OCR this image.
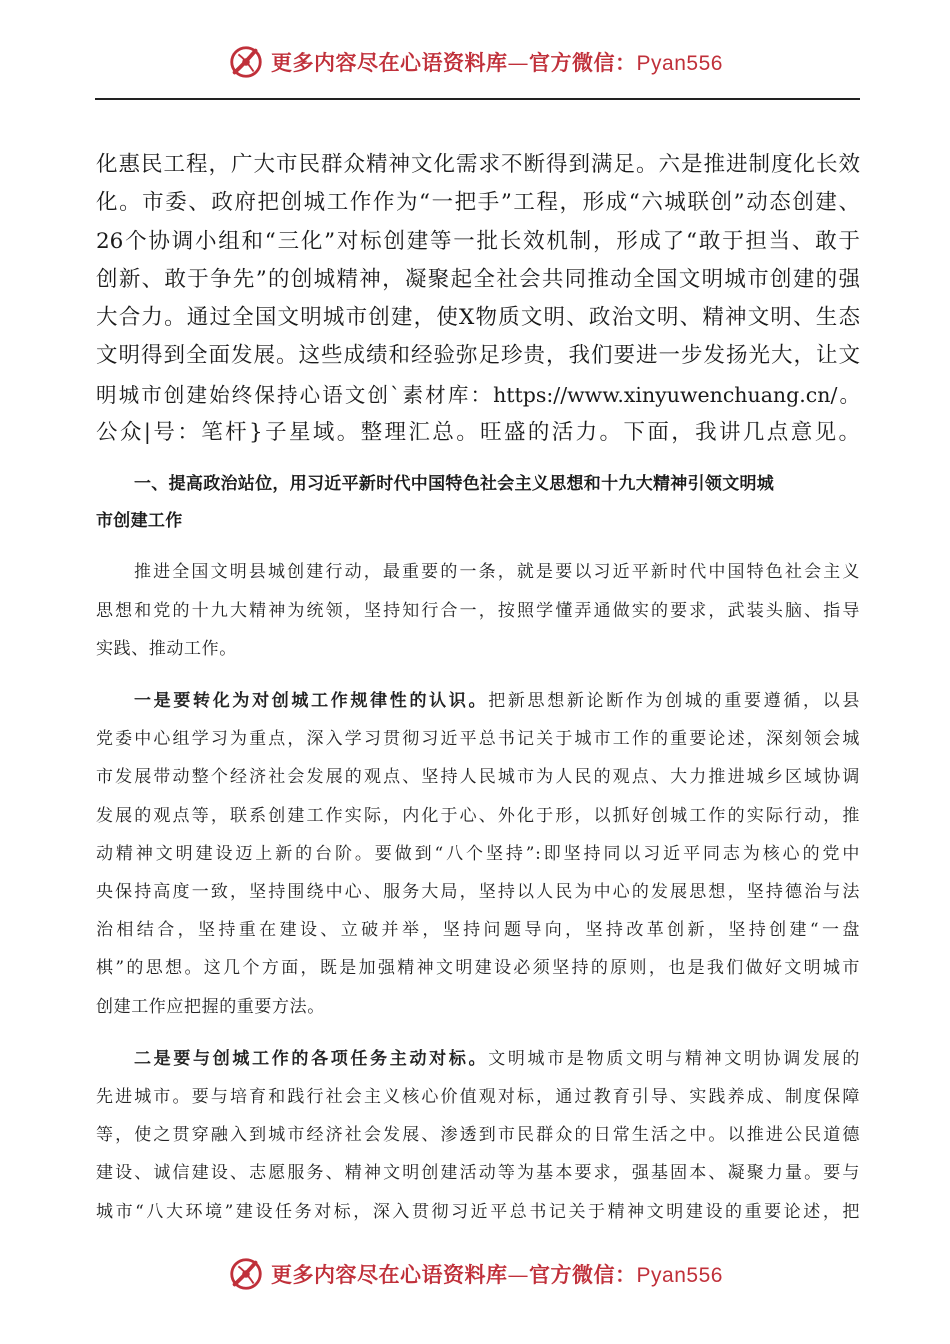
更多内容尽在心语资料库—官方微信：Pyan556

化惠民工程，广大市民群众精神文化需求不断得到满足。六是推进制度化长效
化。市委、政府把创城工作作为“一把手”工程，形成“六城联创”动态创建、
26个协调小组和“三化”对标创建等一批长效机制，形成了“敢于担当、敢于
创新、敢于争先”的创城精神，凝聚起全社会共同推动全国文明城市创建的强
大合力。通过全国文明城市创建，使X物质文明、政治文明、精神文明、生态
文明得到全面发展。这些成绩和经验弥足珍贵，我们要进一步发扬光大，让文
明城市创建始终保持心语文创`素材库：https://www.xinyuwenchuang.cn/。
公众|号：笔杆}子星域。整理汇总。旺盛的活力。下面，我讲几点意见。

一、提高政治站位，用习近平新时代中国特色社会主义思想和十九大精神引领文明城
市创建工作
推进全国文明县城创建行动，最重要的一条，就是要以习近平新时代中国特色社会主义
思想和党的十九大精神为统领，坚持知行合一，按照学懂弄通做实的要求，武装头脑、指导
实践、推动工作。
一是要转化为对创城工作规律性的认识。把新思想新论断作为创城的重要遵循，以县
党委中心组学习为重点，深入学习贯彻习近平总书记关于城市工作的重要论述，深刻领会城
市发展带动整个经济社会发展的观点、坚持人民城市为人民的观点、大力推进城乡区域协调
发展的观点等，联系创建工作实际，内化于心、外化于形，以抓好创城工作的实际行动，推
动精神文明建设迈上新的台阶。要做到“八个坚持”:即坚持同以习近平同志为核心的党中
央保持高度一致，坚持围绕中心、服务大局，坚持以人民为中心的发展思想，坚持德治与法
治相结合，坚持重在建设、立破并举，坚持问题导向，坚持改革创新，坚持创建“一盘
棋”的思想。这几个方面，既是加强精神文明建设必须坚持的原则，也是我们做好文明城市
创建工作应把握的重要方法。
二是要与创城工作的各项任务主动对标。文明城市是物质文明与精神文明协调发展的
先进城市。要与培育和践行社会主义核心价值观对标，通过教育引导、实践养成、制度保障
等，使之贯穿融入到城市经济社会发展、渗透到市民群众的日常生活之中。以推进公民道德
建设、诚信建设、志愿服务、精神文明创建活动等为基本要求，强基固本、凝聚力量。要与
城市“八大环境”建设任务对标，深入贯彻习近平总书记关于精神文明建设的重要论述，把
更多内容尽在心语资料库—官方微信：Pyan556
